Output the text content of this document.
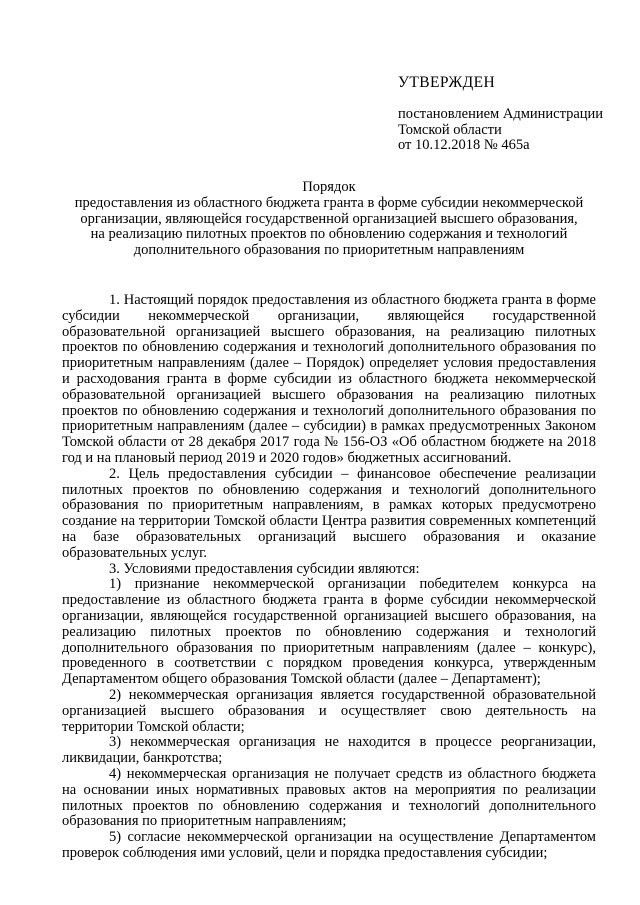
УТВЕРЖДЕН
постановлением Администрации
Томской области
от 10.12.2018 № 465а
Порядок
предоставления из областного бюджета гранта в форме субсидии некоммерческой
организации, являющейся государственной организацией высшего образования,
на реализацию пилотных проектов по обновлению содержания и технологий
дополнительного образования по приоритетным направлениям

1. Настоящий порядок предоставления из областного бюджета гранта в форме субсидии некоммерческой организации, являющейся государственной образовательной организацией высшего образования, на реализацию пилотных проектов по обновлению содержания и технологий дополнительного образования по приоритетным направлениям (далее – Порядок) определяет условия предоставления и расходования гранта в форме субсидии из областного бюджета некоммерческой образовательной организацией высшего образования на реализацию пилотных проектов по обновлению содержания и технологий дополнительного образования по приоритетным направлениям (далее – субсидии) в рамках предусмотренных Законом Томской области от 28 декабря 2017 года № 156-ОЗ «Об областном бюджете на 2018 год и на плановый период 2019 и 2020 годов» бюджетных ассигнований.

2. Цель предоставления субсидии – финансовое обеспечение реализации пилотных проектов по обновлению содержания и технологий дополнительного образования по приоритетным направлениям, в рамках которых предусмотрено создание на территории Томской области Центра развития современных компетенций на базе образовательных организаций высшего образования и оказание образовательных услуг.

3. Условиями предоставления субсидии являются:

1) признание некоммерческой организации победителем конкурса на предоставление из областного бюджета гранта в форме субсидии некоммерческой организации, являющейся государственной организацией высшего образования, на реализацию пилотных проектов по обновлению содержания и технологий дополнительного образования по приоритетным направлениям (далее – конкурс), проведенного в соответствии с порядком проведения конкурса, утвержденным Департаментом общего образования Томской области (далее – Департамент);

2) некоммерческая организация является государственной образовательной организацией высшего образования и осуществляет свою деятельность на территории Томской области;

3) некоммерческая организация не находится в процессе реорганизации, ликвидации, банкротства;

4) некоммерческая организация не получает средств из областного бюджета на основании иных нормативных правовых актов на мероприятия по реализации пилотных проектов по обновлению содержания и технологий дополнительного образования по приоритетным направлениям;

5) согласие некоммерческой организации на осуществление Департаментом проверок соблюдения ими условий, цели и порядка предоставления субсидии;
